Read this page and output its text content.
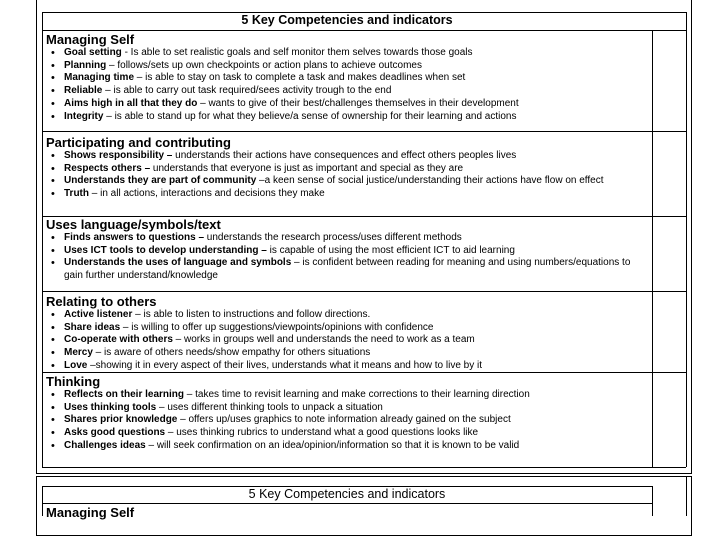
5 Key Competencies and indicators

Managing Self

• Goal setting - Is able to set realistic goals and self monitor them selves towards those goals
• Planning – follows/sets up own checkpoints or action plans to achieve outcomes
• Managing time – is able to stay on task to complete a task and makes deadlines when set
• Reliable – is able to carry out task required/sees activity trough to the end
• Aims high in all that they do – wants to give of their best/challenges themselves in their development
• Integrity – is able to stand up for what they believe/a sense of ownership for their learning and actions

Participating and contributing

• Shows responsibility – understands their actions have consequences and effect others peoples lives
• Respects others – understands that everyone is just as important and special as they are
• Understands they are part of community –a keen sense of social justice/understanding their actions have flow on effect
• Truth – in all actions, interactions and decisions they make

Uses language/symbols/text

• Finds answers to questions – understands the research process/uses different methods
• Uses ICT tools to develop understanding – is capable of using the most efficient ICT to aid learning
• Understands the uses of language and symbols – is confident between reading for meaning and using numbers/equations to gain further understand/knowledge

Relating to others

• Active listener – is able to listen to instructions and follow directions.
• Share ideas – is willing to offer up suggestions/viewpoints/opinions with confidence
• Co-operate with others – works in groups well and understands the need to work as a team
• Mercy – is aware of others needs/show empathy for others situations
• Love –showing it in every aspect of their lives, understands what it means and how to live by it

Thinking

• Reflects on their learning – takes time to revisit learning and make corrections to their learning direction
• Uses thinking tools – uses different thinking tools to unpack a situation
• Shares prior knowledge – offers up/uses graphics to note information already gained on the subject
• Asks good questions – uses thinking rubrics to understand what a good questions looks like
• Challenges ideas – will seek confirmation on an idea/opinion/information so that it is known to be valid
5 Key Competencies and indicators

Managing Self
